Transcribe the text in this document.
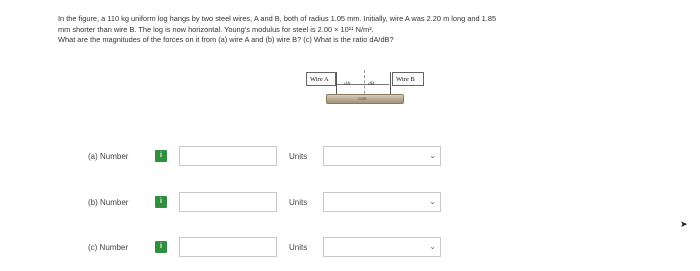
In the figure, a 110 kg uniform log hangs by two steel wires, A and B, both of radius 1.05 mm. Initially, wire A was 2.20 m long and 1.85

mm shorter than wire B. The log is now horizontal. Young's modulus for steel is 2.00 × 10¹¹ N/m².

What are the magnitudes of the forces on it from (a) wire A and (b) wire B? (c) What is the ratio dA/dB?

Wire A	Wire B
dA	dB
com
(a) Number	i	Units	⌄
(b) Number	i	Units	⌄
(c) Number	i	Units	⌄
➤
